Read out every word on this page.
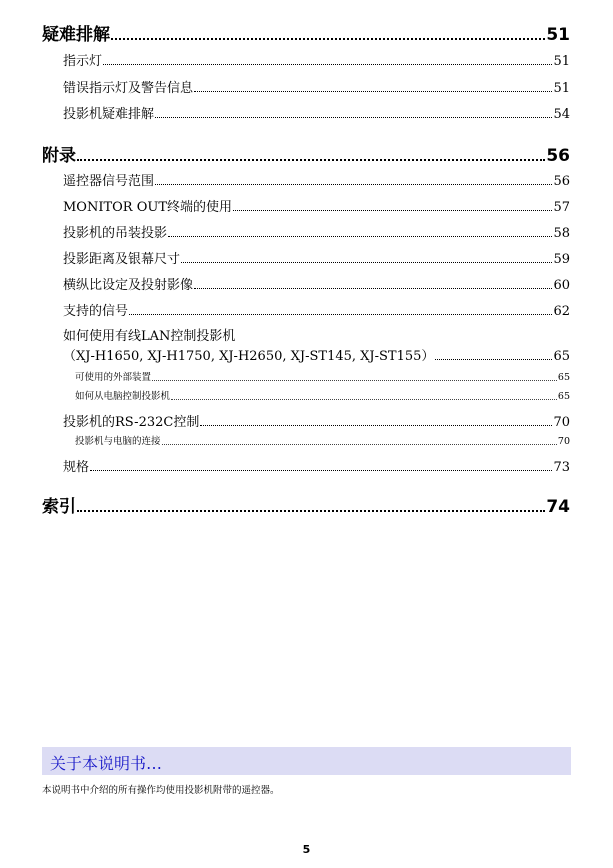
疑难排解	51
指示灯	51
错误指示灯及警告信息	51
投影机疑难排解	54
附录	56
遥控器信号范围	56
MONITOR OUT终端的使用	57
投影机的吊装投影	58
投影距离及银幕尺寸	59
横纵比设定及投射影像	60
支持的信号	62
如何使用有线LAN控制投影机
（XJ-H1650, XJ-H1750, XJ-H2650, XJ-ST145, XJ-ST155）	65
可使用的外部装置	65
如何从电脑控制投影机	65
投影机的RS-232C控制	70
投影机与电脑的连接	70
规格	73
索引	74
关于本说明书…
本说明书中介绍的所有操作均使用投影机附带的遥控器。
5
